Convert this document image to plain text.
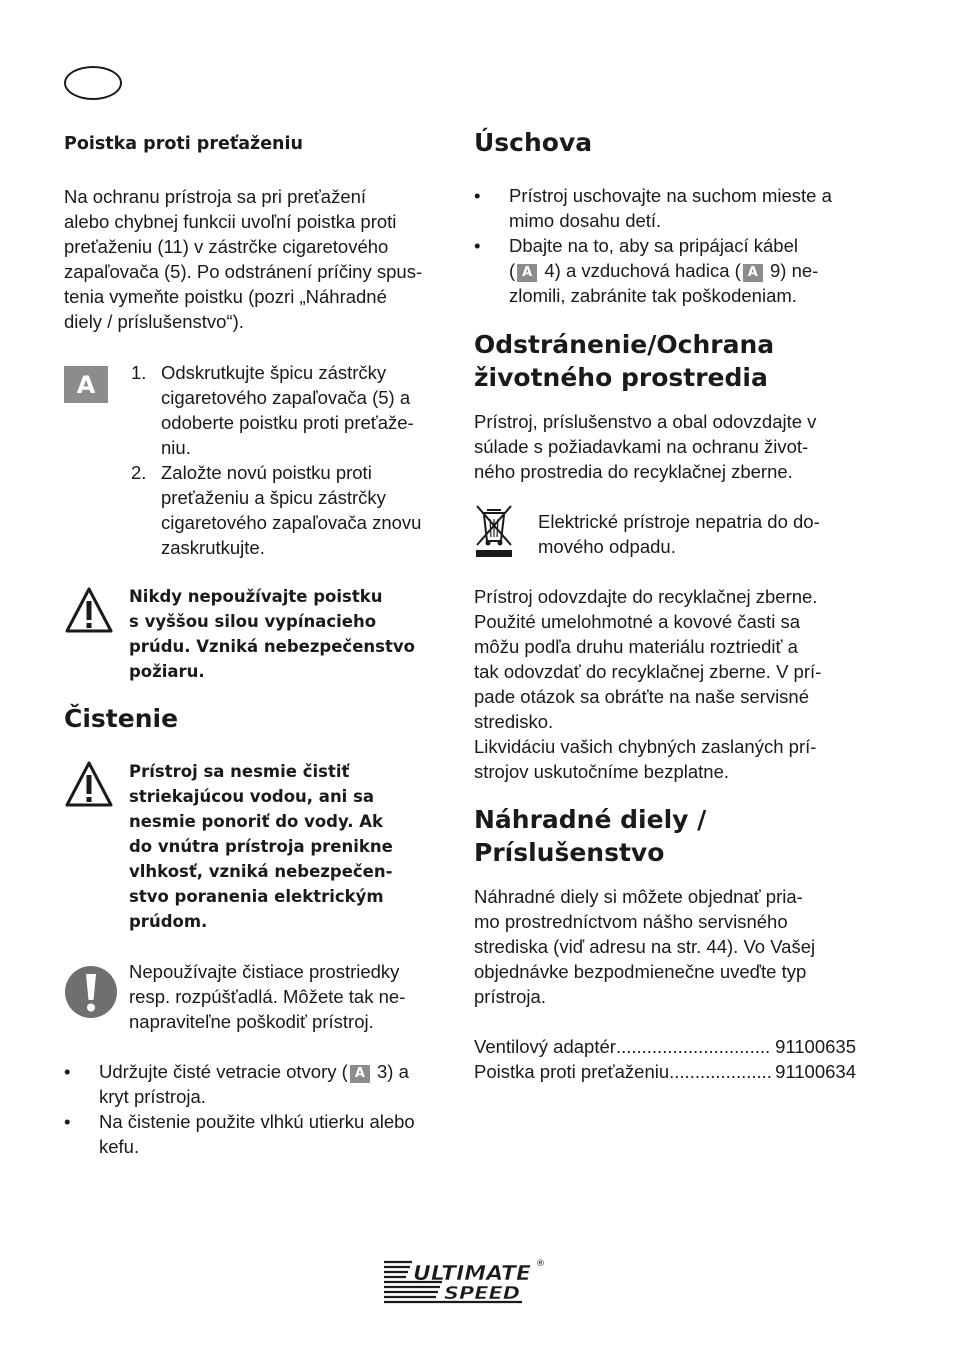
Poistka proti preťaženiu

Na ochranu prístroja sa pri preťažení

alebo chybnej funkcii uvoľní poistka proti

preťaženiu (11) v zástrčke cigaretového

zapaľovača (5). Po odstránení príčiny spus-

tenia vymeňte poistku (pozri „Náhradné

diely / príslušenstvo“).

A	1. Odskrutkujte špicu zástrčky
cigaretového zapaľovača (5) a
odoberte poistku proti preťaže-
niu.
2. Založte novú poistku proti
preťaženiu a špicu zástrčky
cigaretového zapaľovača znovu
zaskrutkujte.

Nikdy nepoužívajte poistku

s vyššou silou vypínacieho

prúdu. Vzniká nebezpečenstvo

požiaru.

Čistenie

Prístroj sa nesmie čistiť

striekajúcou vodou, ani sa

nesmie ponoriť do vody. Ak

do vnútra prístroja prenikne

vlhkosť, vzniká nebezpečen-

stvo poranenia elektrickým

prúdom.

Nepoužívajte čistiace prostriedky

resp. rozpúšťadlá. Môžete tak ne-

napraviteľne poškodiť prístroj.

• Udržujte čisté vetracie otvory ( A 3) a
kryt prístroja.
• Na čistenie použite vlhkú utierku alebo
kefu.
Úschova
• Prístroj uschovajte na suchom mieste a
mimo dosahu detí.
• Dbajte na to, aby sa pripájací kábel
( A 4) a vzduchová hadica ( A 9) ne-
zlomili, zabránite tak poškodeniam.
Odstránenie/Ochrana
životného prostredia

Prístroj, príslušenstvo a obal odovzdajte v

súlade s požiadavkami na ochranu život-

ného prostredia do recyklačnej zberne.

Elektrické prístroje nepatria do do-

mového odpadu.

Prístroj odovzdajte do recyklačnej zberne.

Použité umelohmotné a kovové časti sa

môžu podľa druhu materiálu roztriediť a

tak odovzdať do recyklačnej zberne. V prí-

pade otázok sa obráťte na naše servisné

stredisko.

Likvidáciu vašich chybných zaslaných prí-

strojov uskutočníme bezplatne.

Náhradné diely /
Príslušenstvo

Náhradné diely si môžete objednať pria-

mo prostredníctvom nášho servisného

strediska (viď adresu na str. 44). Vo Vašej

objednávke bezpodmienečne uveďte typ

prístroja.

Ventilový adaptér .....	91100635
Poistka proti preťaženiu .....	91100634
ULTIMATE
SPEED
®
